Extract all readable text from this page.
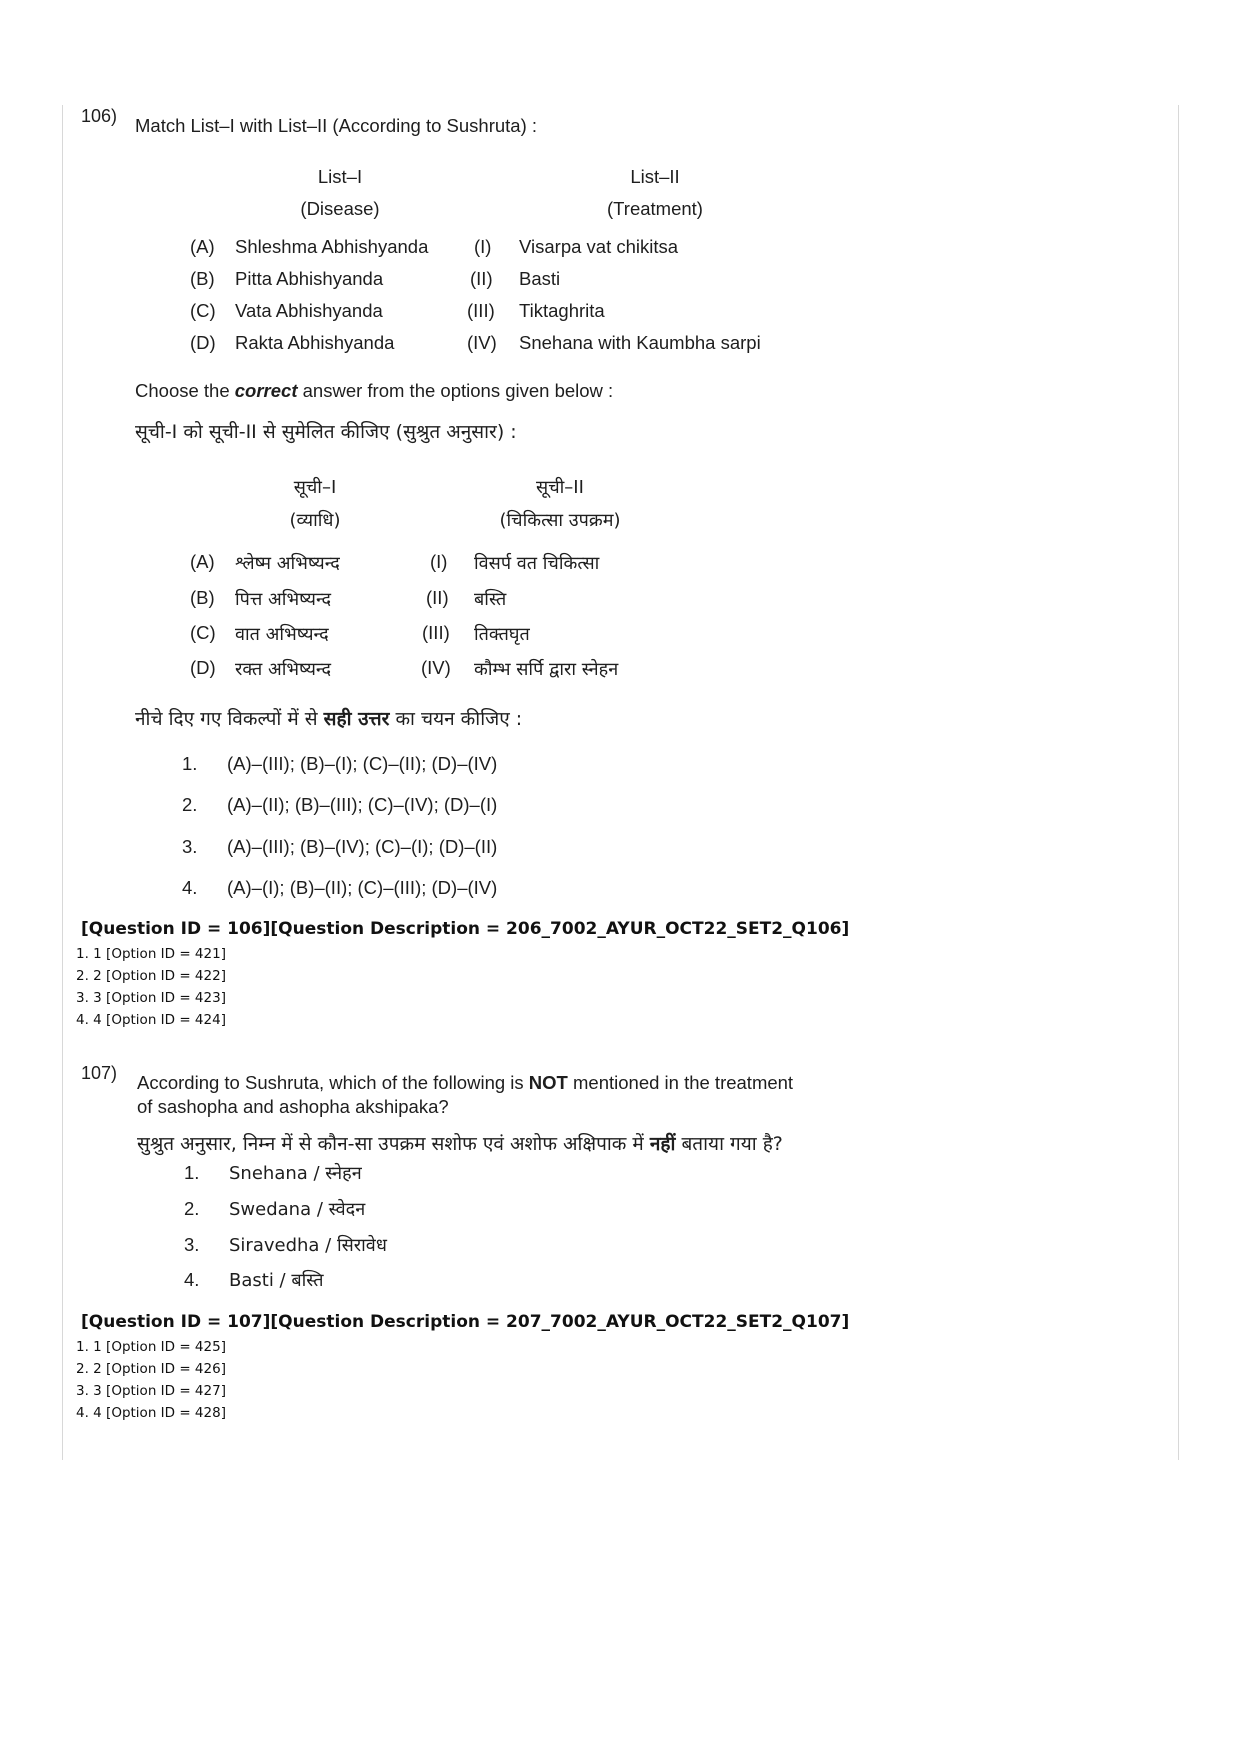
106) Match List–I with List–II (According to Sushruta) :
List–I
(Disease)
List–II
(Treatment)
(A) Shleshma Abhishyanda (I) Visarpa vat chikitsa
(B) Pitta Abhishyanda	(II) Basti
(C) Vata Abhishyanda	(III) Tiktaghrita
(D) Rakta Abhishyanda	(IV) Snehana with Kaumbha sarpi
Choose the correct answer from the options given below :
सूची-I को सूची-II से सुमेलित कीजिए (सुश्रुत अनुसार) :
सूची–I
(व्याधि)
सूची–II
(चिकित्सा उपक्रम)
(A) श्लेष्म अभिष्यन्द	(I) विसर्प वत चिकित्सा
(B) पित्त अभिष्यन्द	(II) बस्ति
(C) वात अभिष्यन्द	(III) तिक्तघृत
(D) रक्त अभिष्यन्द	(IV) कौम्भ सर्पि द्वारा स्नेहन
नीचे दिए गए विकल्पों में से सही उत्तर का चयन कीजिए :
1. (A)–(III); (B)–(I); (C)–(II); (D)–(IV)
2. (A)–(II); (B)–(III); (C)–(IV); (D)–(I)
3. (A)–(III); (B)–(IV); (C)–(I); (D)–(II)
4. (A)–(I); (B)–(II); (C)–(III); (D)–(IV)
[Question ID = 106][Question Description = 206_7002_AYUR_OCT22_SET2_Q106]
1. 1 [Option ID = 421]
2. 2 [Option ID = 422]
3. 3 [Option ID = 423]
4. 4 [Option ID = 424]
107) According to Sushruta, which of the following is NOT mentioned in the treatment
of sashopha and ashopha akshipaka?
सुश्रुत अनुसार, निम्न में से कौन-सा उपक्रम सशोफ एवं अशोफ अक्षिपाक में नहीं बताया गया है?
1. Snehana / स्नेहन
2. Swedana / स्वेदन
3. Siravedha / सिरावेध
4. Basti / बस्ति
[Question ID = 107][Question Description = 207_7002_AYUR_OCT22_SET2_Q107]
1. 1 [Option ID = 425]
2. 2 [Option ID = 426]
3. 3 [Option ID = 427]
4. 4 [Option ID = 428]
